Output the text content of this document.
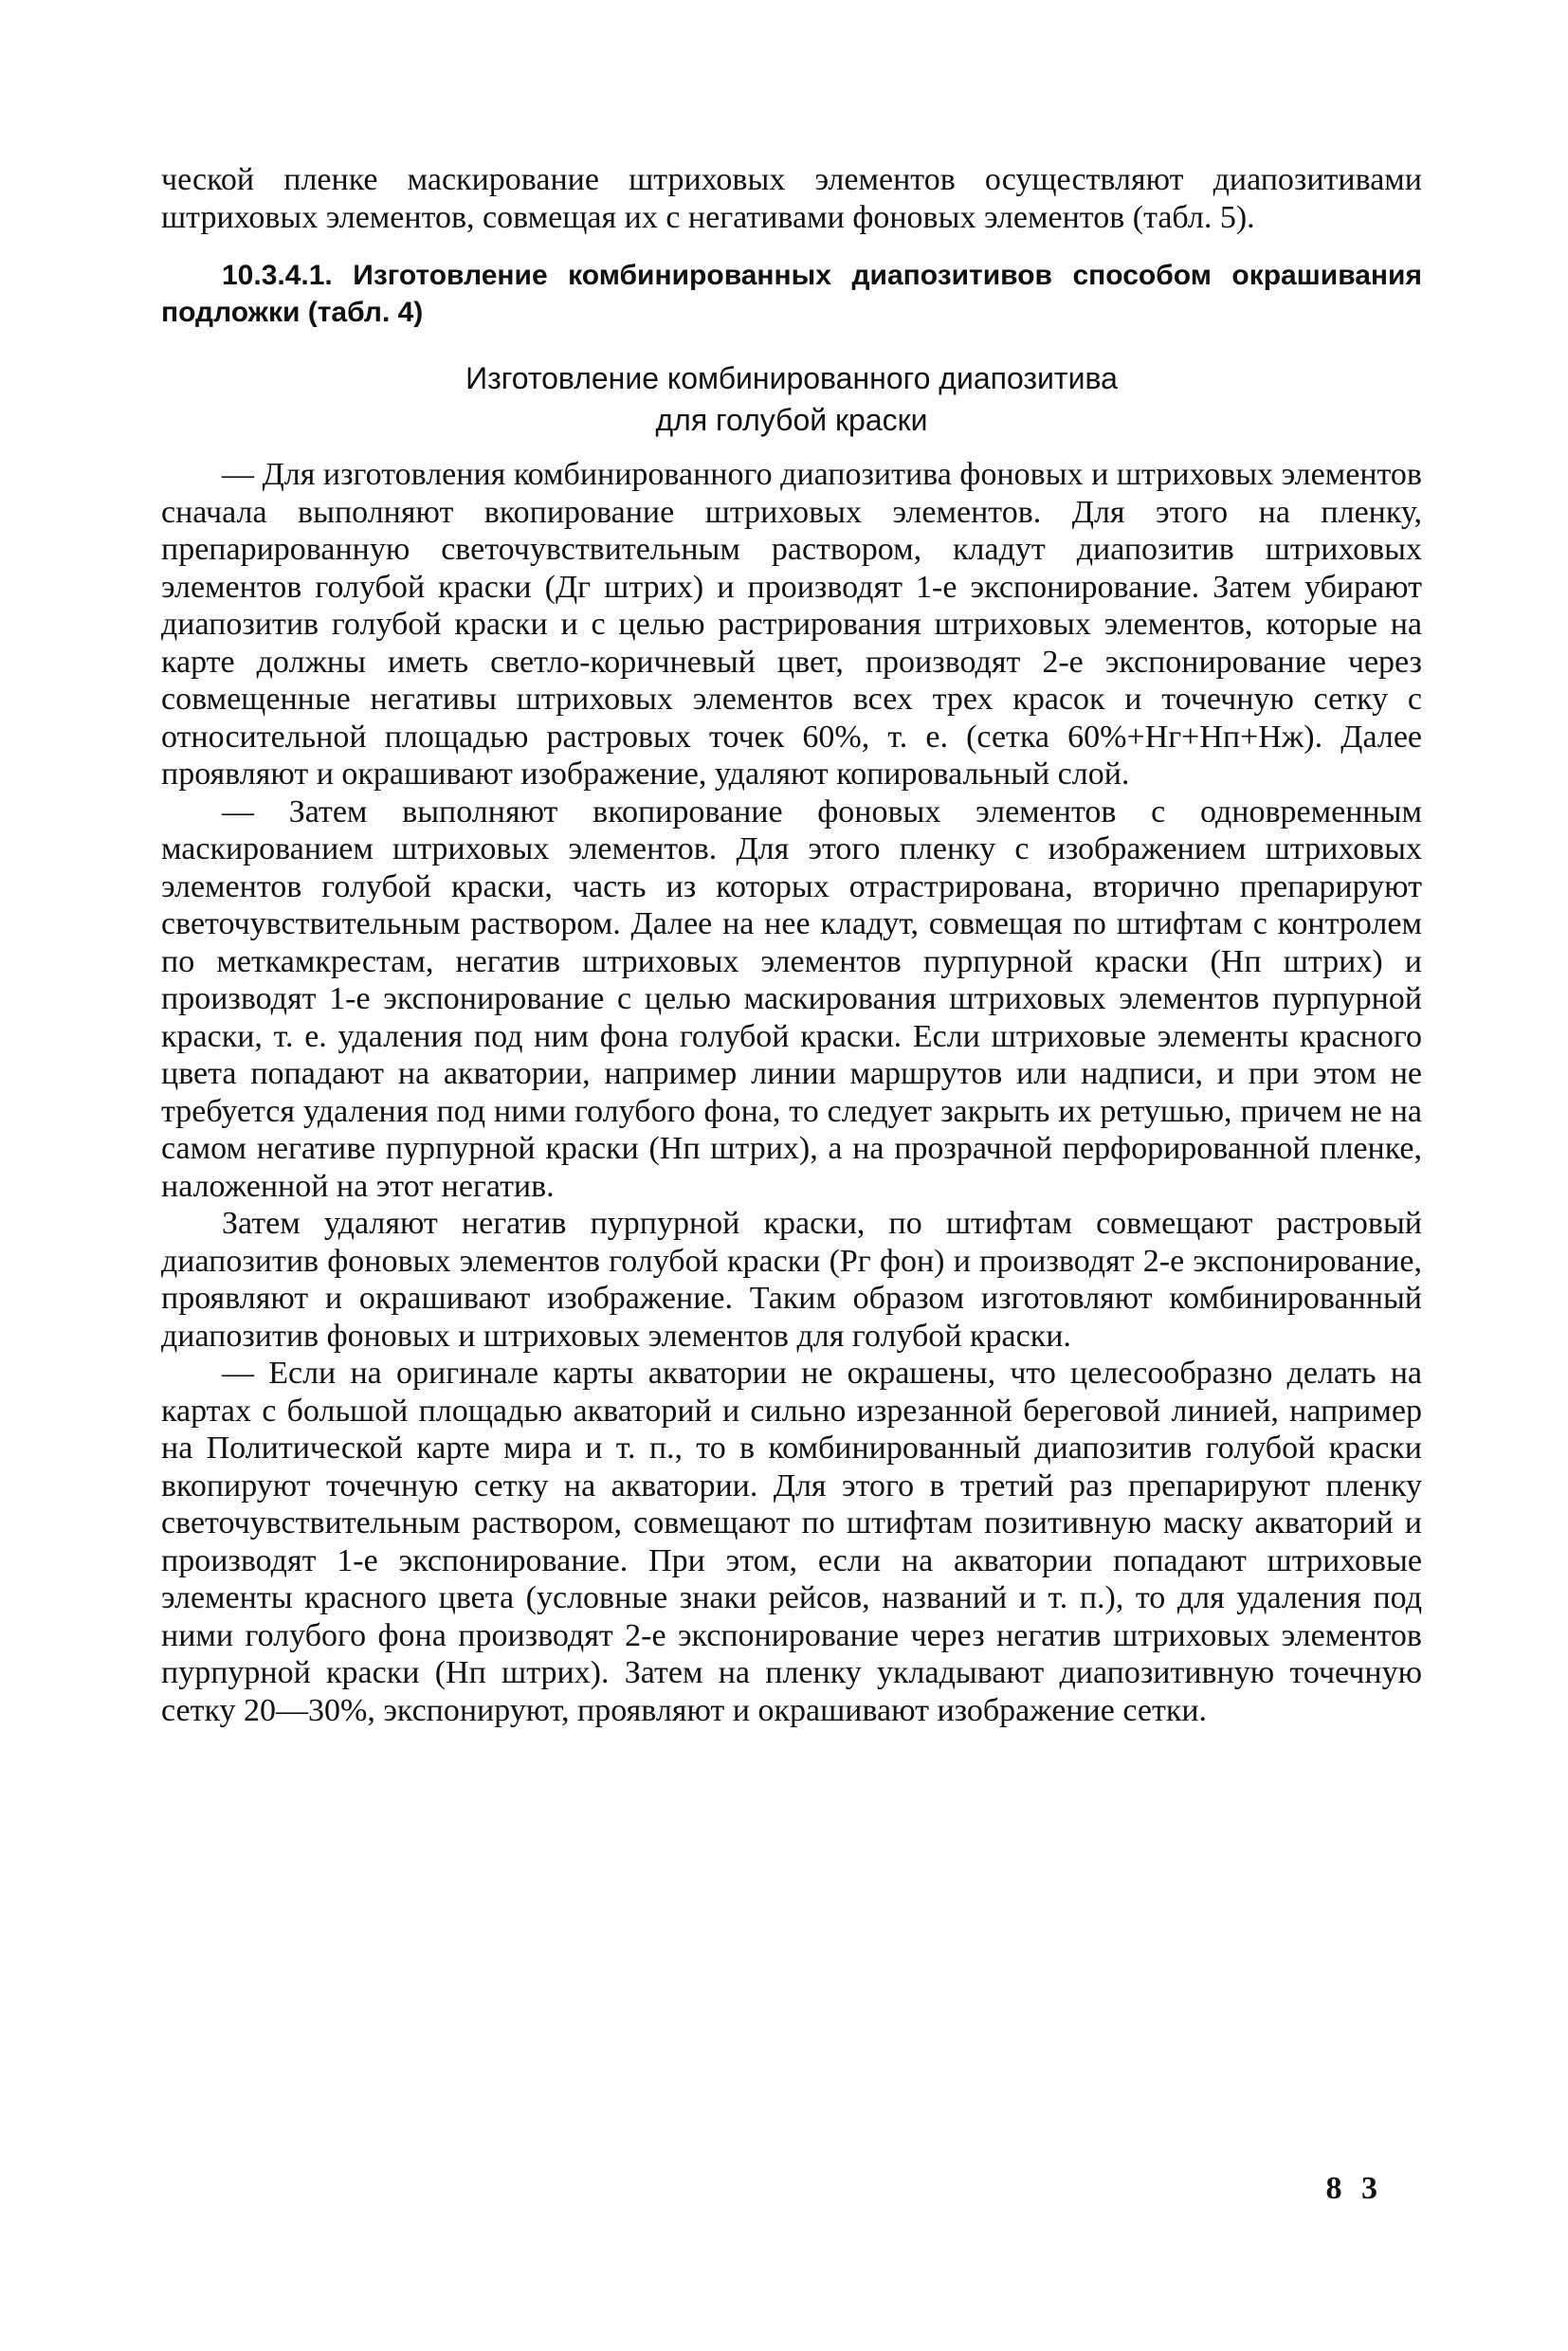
ческой пленке маскирование штриховых элементов осуществляют диапозитивами штриховых элементов, совмещая их с негативами фоновых элементов (табл. 5).

10.3.4.1. Изготовление комбинированных диапозитивов способом окрашивания подложки (табл. 4)

Изготовление комбинированного диапозитива
для голубой краски

— Для изготовления комбинированного диапозитива фоновых и штриховых элементов сначала выполняют вкопирование штриховых элементов. Для этого на пленку, препарированную светочувствительным раствором, кладут диапозитив штриховых элементов голубой краски (Дг штрих) и производят 1-е экспонирование. Затем убирают диапозитив голубой краски и с целью растрирования штриховых элементов, которые на карте должны иметь светло-коричневый цвет, производят 2-е экспонирование через совмещенные негативы штриховых элементов всех трех красок и точечную сетку с относительной площадью растровых точек 60%, т. е. (сетка 60%+Нг+Нп+Нж). Далее проявляют и окрашивают изображение, удаляют копировальный слой.

— Затем выполняют вкопирование фоновых элементов с одновременным маскированием штриховых элементов. Для этого пленку с изображением штриховых элементов голубой краски, часть из которых отрастрирована, вторично препарируют светочувствительным раствором. Далее на нее кладут, совмещая по штифтам с контролем по меткамкрестам, негатив штриховых элементов пурпурной краски (Нп штрих) и производят 1-е экспонирование с целью маскирования штриховых элементов пурпурной краски, т. е. удаления под ним фона голубой краски. Если штриховые элементы красного цвета попадают на акватории, например линии маршрутов или надписи, и при этом не требуется удаления под ними голубого фона, то следует закрыть их ретушью, причем не на самом негативе пурпурной краски (Нп штрих), а на прозрачной перфорированной пленке, наложенной на этот негатив.

Затем удаляют негатив пурпурной краски, по штифтам совмещают растровый диапозитив фоновых элементов голубой краски (Рг фон) и производят 2-е экспонирование, проявляют и окрашивают изображение. Таким образом изготовляют комбинированный диапозитив фоновых и штриховых элементов для голубой краски.

— Если на оригинале карты акватории не окрашены, что целесообразно делать на картах с большой площадью акваторий и сильно изрезанной береговой линией, например на Политической карте мира и т. п., то в комбинированный диапозитив голубой краски вкопируют точечную сетку на акватории. Для этого в третий раз препарируют пленку светочувствительным раствором, совмещают по штифтам позитивную маску акваторий и производят 1-е экспонирование. При этом, если на акватории попадают штриховые элементы красного цвета (условные знаки рейсов, названий и т. п.), то для удаления под ними голубого фона производят 2-е экспонирование через негатив штриховых элементов пурпурной краски (Нп штрих). Затем на пленку укладывают диапозитивную точечную сетку 20—30%, экспонируют, проявляют и окрашивают изображение сетки.

8 3
